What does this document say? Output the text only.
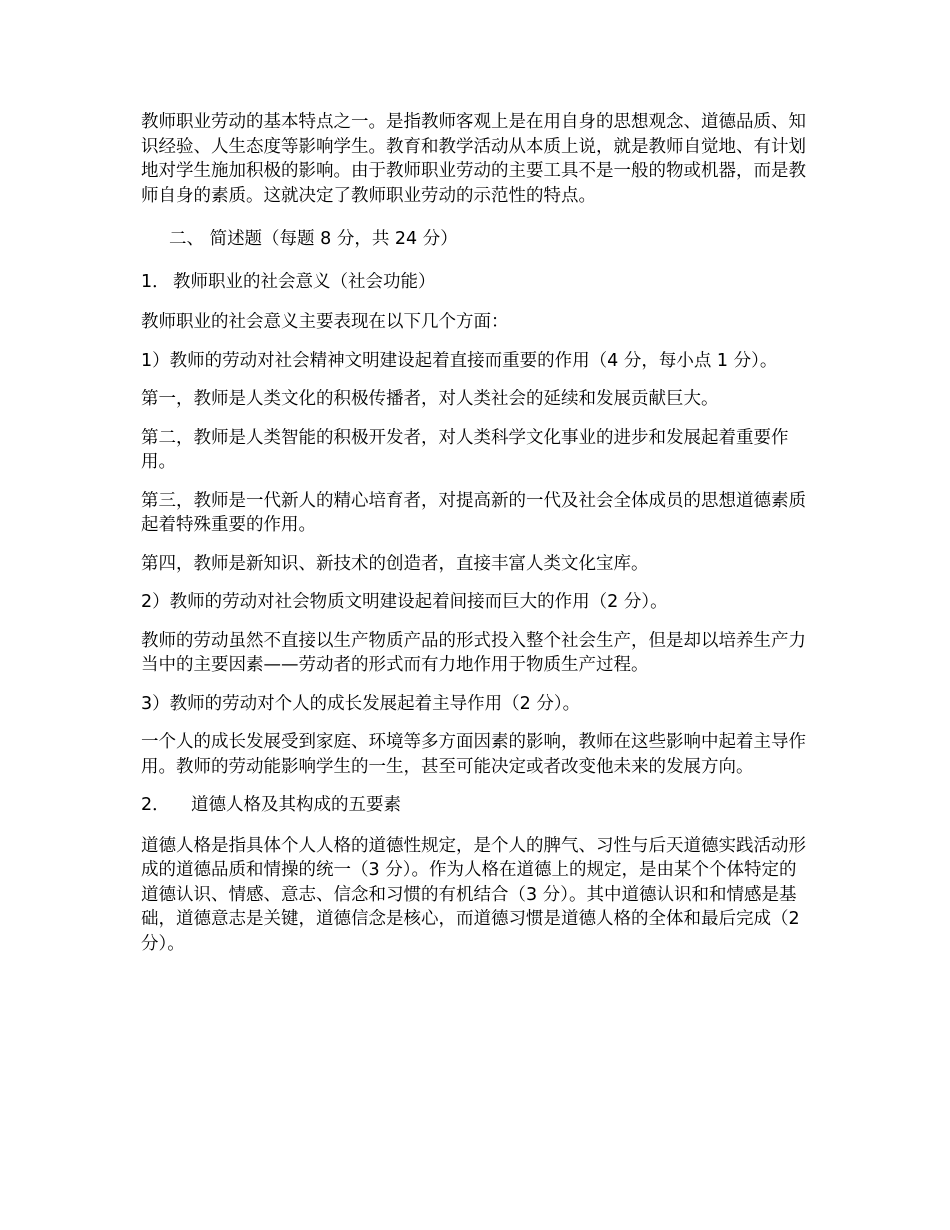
教师职业劳动的基本特点之一。是指教师客观上是在用自身的思想观念、道德品质、知识经验、人生态度等影响学生。教育和教学活动从本质上说，就是教师自觉地、有计划地对学生施加积极的影响。由于教师职业劳动的主要工具不是一般的物或机器，而是教师自身的素质。这就决定了教师职业劳动的示范性的特点。

二、 简述题（每题 8 分，共 24 分）

1． 教师职业的社会意义（社会功能）

教师职业的社会意义主要表现在以下几个方面：

1）教师的劳动对社会精神文明建设起着直接而重要的作用（4 分，每小点 1 分）。

第一，教师是人类文化的积极传播者，对人类社会的延续和发展贡献巨大。

第二，教师是人类智能的积极开发者，对人类科学文化事业的进步和发展起着重要作用。

第三，教师是一代新人的精心培育者，对提高新的一代及社会全体成员的思想道德素质起着特殊重要的作用。

第四，教师是新知识、新技术的创造者，直接丰富人类文化宝库。

2）教师的劳动对社会物质文明建设起着间接而巨大的作用（2 分）。

教师的劳动虽然不直接以生产物质产品的形式投入整个社会生产，但是却以培养生产力当中的主要因素——劳动者的形式而有力地作用于物质生产过程。

3）教师的劳动对个人的成长发展起着主导作用（2 分）。

一个人的成长发展受到家庭、环境等多方面因素的影响，教师在这些影响中起着主导作用。教师的劳动能影响学生的一生，甚至可能决定或者改变他未来的发展方向。

2． 道德人格及其构成的五要素

道德人格是指具体个人人格的道德性规定，是个人的脾气、习性与后天道德实践活动形成的道德品质和情操的统一（3 分）。作为人格在道德上的规定，是由某个个体特定的道德认识、情感、意志、信念和习惯的有机结合（3 分）。其中道德认识和和情感是基础，道德意志是关键，道德信念是核心，而道德习惯是道德人格的全体和最后完成（2 分）。
